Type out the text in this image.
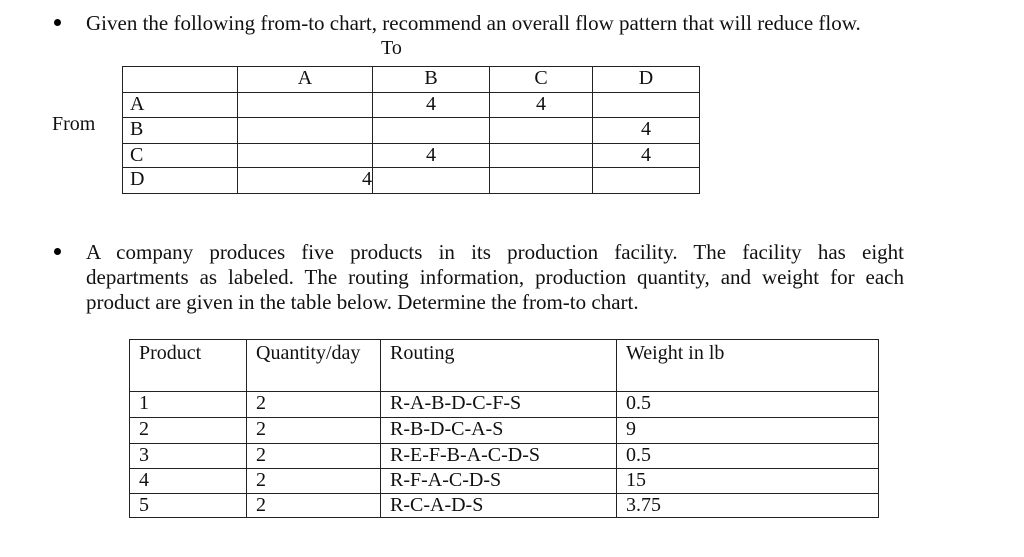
Given the following from-to chart, recommend an overall flow pattern that will reduce flow.
To
From
	A	B	C	D
A		4	4	
B				4
C		4		4
D	4			
A company produces five products in its production facility. The facility has eight
departments as labeled. The routing information, production quantity, and weight for each
product are given in the table below. Determine the from-to chart.
Product	Quantity/day	Routing	Weight in lb
1	2	R-A-B-D-C-F-S	0.5
2	2	R-B-D-C-A-S	9
3	2	R-E-F-B-A-C-D-S	0.5
4	2	R-F-A-C-D-S	15
5	2	R-C-A-D-S	3.75
